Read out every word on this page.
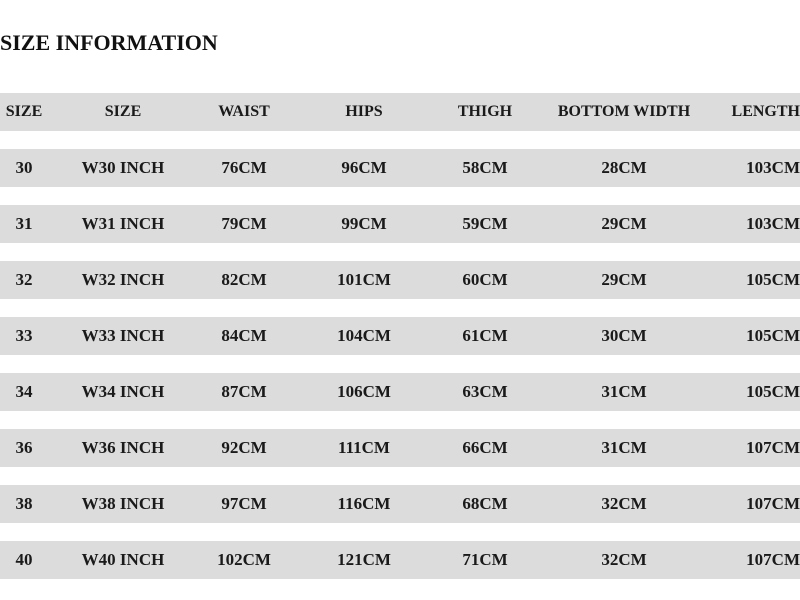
SIZE INFORMATION
SIZE	SIZE	WAIST	HIPS	THIGH	BOTTOM WIDTH	LENGTH
30	W30 INCH	76CM	96CM	58CM	28CM	103CM
31	W31 INCH	79CM	99CM	59CM	29CM	103CM
32	W32 INCH	82CM	101CM	60CM	29CM	105CM
33	W33 INCH	84CM	104CM	61CM	30CM	105CM
34	W34 INCH	87CM	106CM	63CM	31CM	105CM
36	W36 INCH	92CM	111CM	66CM	31CM	107CM
38	W38 INCH	97CM	116CM	68CM	32CM	107CM
40	W40 INCH	102CM	121CM	71CM	32CM	107CM
